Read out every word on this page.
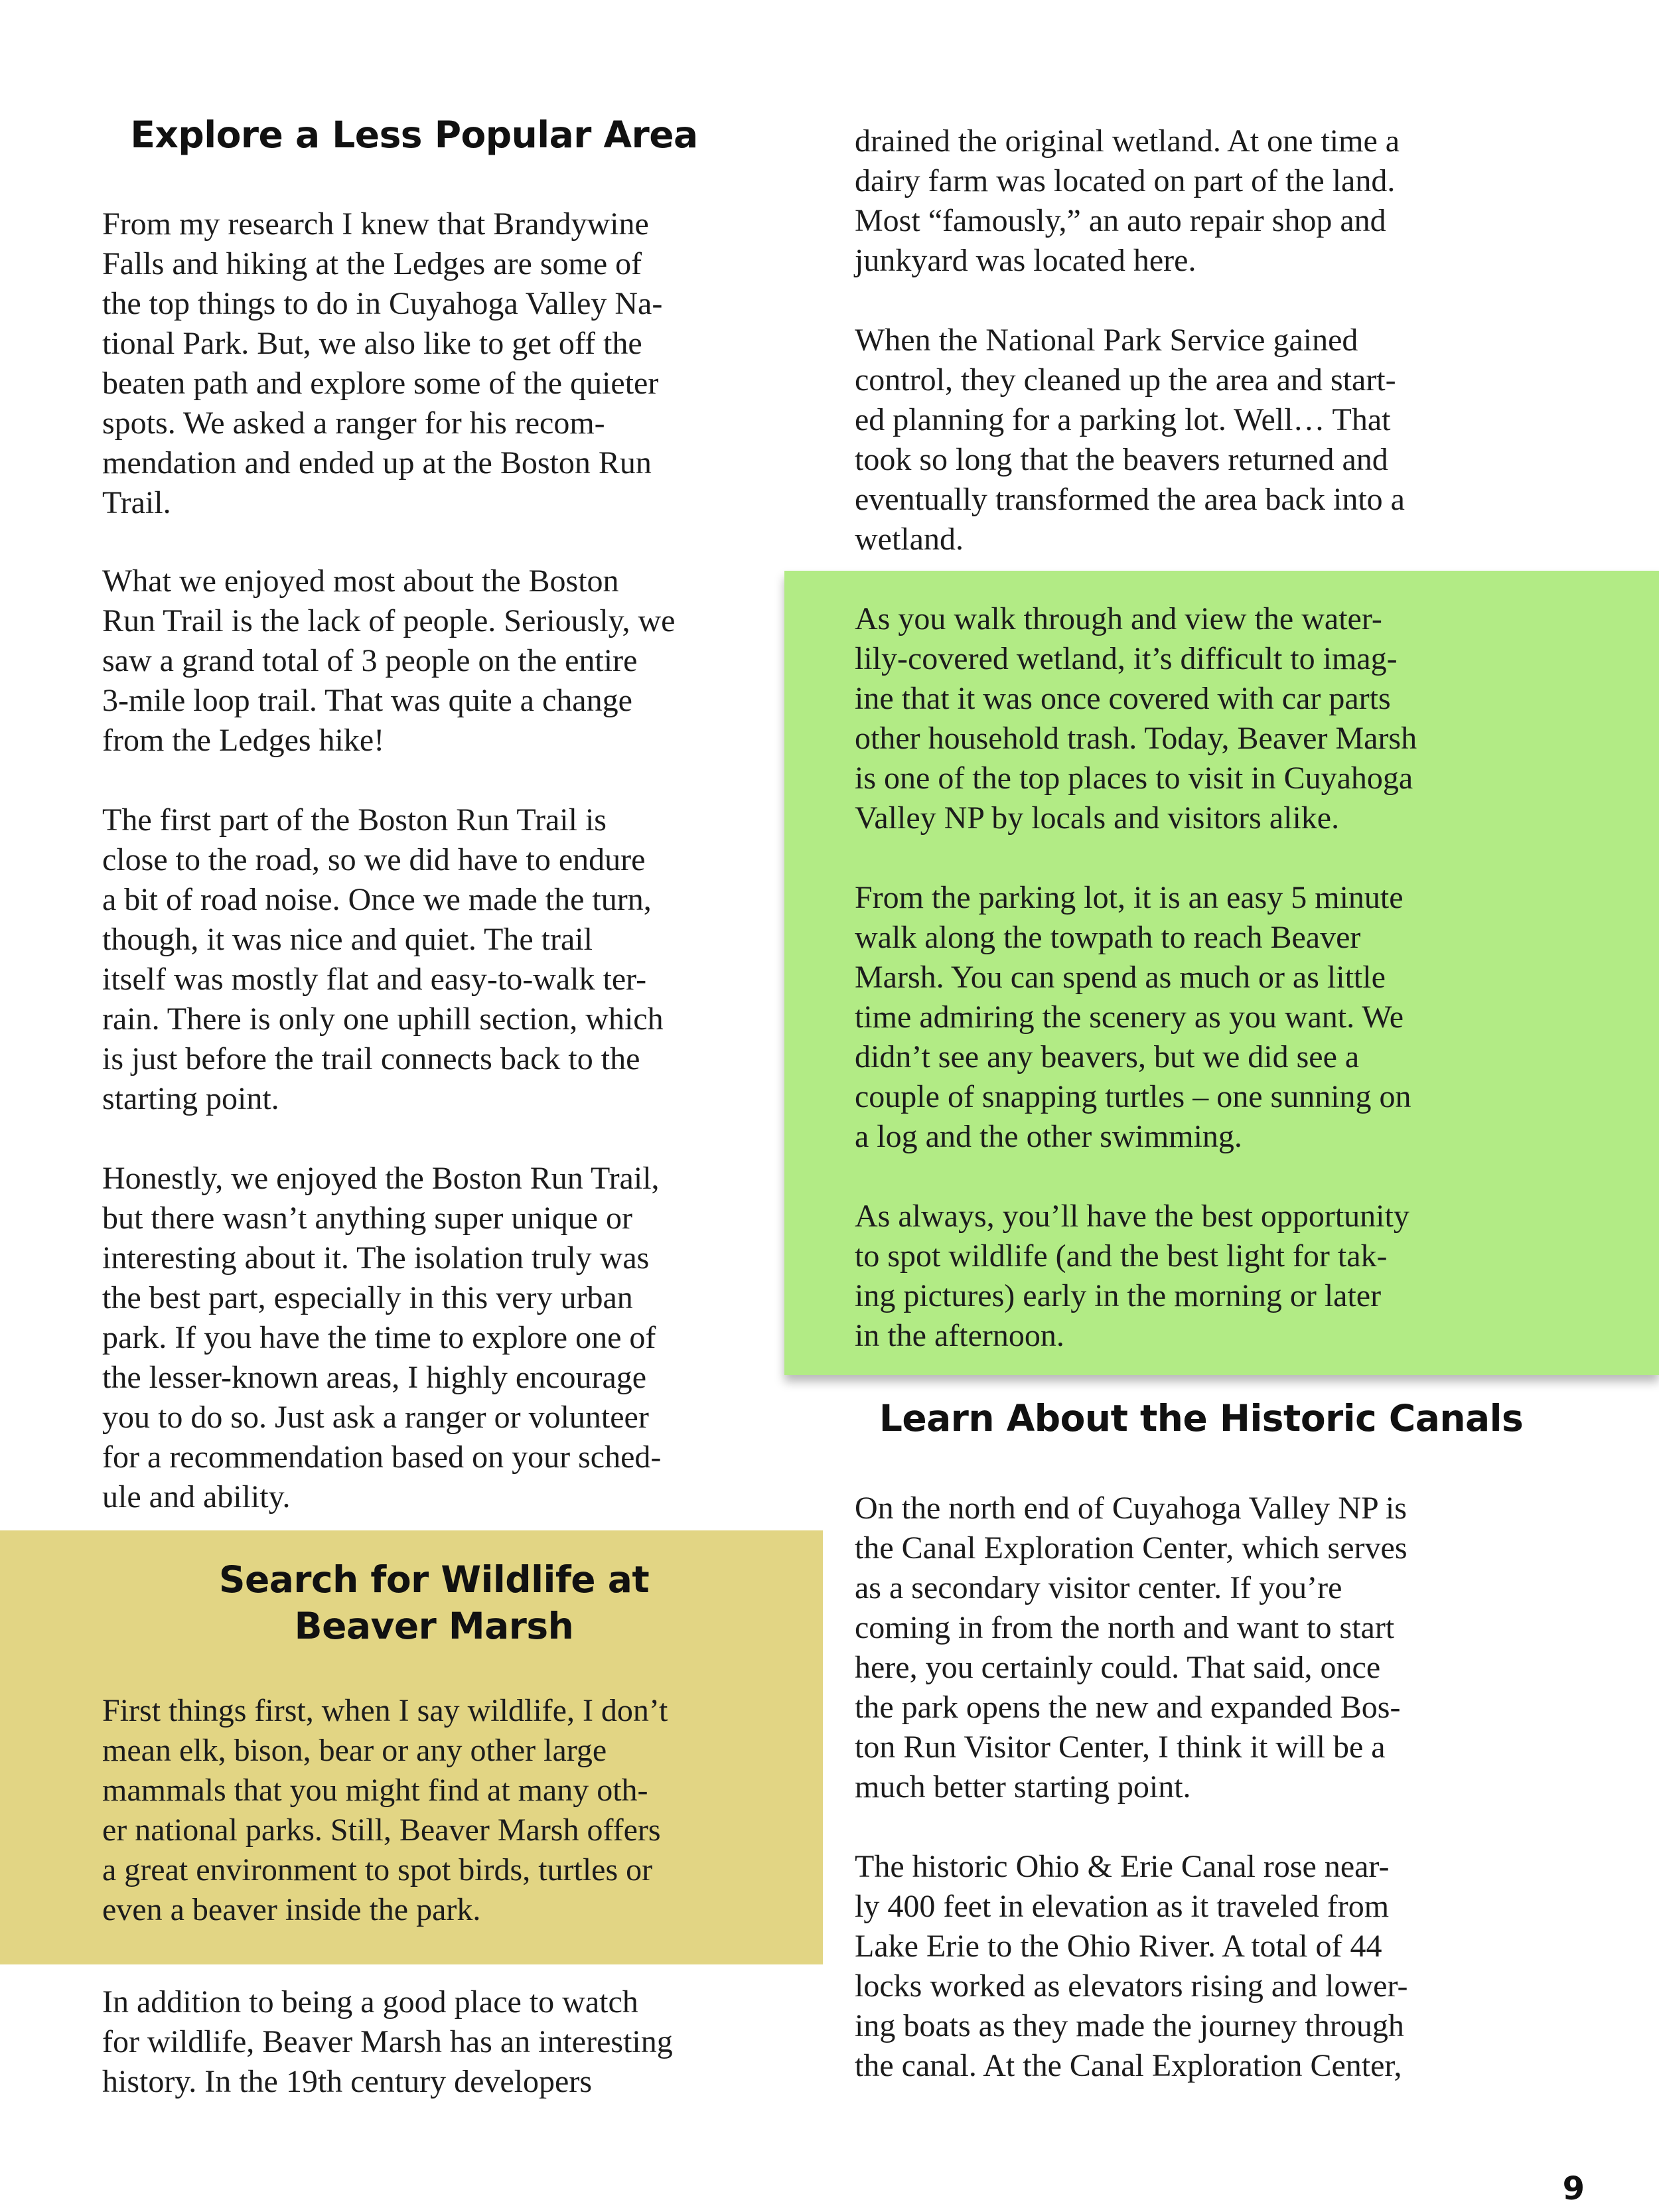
Explore a Less Popular Area

From my research I knew that Brandywine
Falls and hiking at the Ledges are some of
the top things to do in Cuyahoga Valley Na-
tional Park. But, we also like to get off the
beaten path and explore some of the quieter
spots. We asked a ranger for his recom-
mendation and ended up at the Boston Run
Trail.

What we enjoyed most about the Boston
Run Trail is the lack of people. Seriously, we
saw a grand total of 3 people on the entire
3-mile loop trail. That was quite a change
from the Ledges hike!

The first part of the Boston Run Trail is
close to the road, so we did have to endure
a bit of road noise. Once we made the turn,
though, it was nice and quiet. The trail
itself was mostly flat and easy-to-walk ter-
rain. There is only one uphill section, which
is just before the trail connects back to the
starting point.

Honestly, we enjoyed the Boston Run Trail,
but there wasn’t anything super unique or
interesting about it. The isolation truly was
the best part, especially in this very urban
park. If you have the time to explore one of
the lesser-known areas, I highly encourage
you to do so. Just ask a ranger or volunteer
for a recommendation based on your sched-
ule and ability.

Search for Wildlife at
Beaver Marsh

First things first, when I say wildlife, I don’t
mean elk, bison, bear or any other large
mammals that you might find at many oth-
er national parks. Still, Beaver Marsh offers
a great environment to spot birds, turtles or
even a beaver inside the park.

In addition to being a good place to watch
for wildlife, Beaver Marsh has an interesting
history. In the 19th century developers

drained the original wetland. At one time a
dairy farm was located on part of the land.
Most “famously,” an auto repair shop and
junkyard was located here.

When the National Park Service gained
control, they cleaned up the area and start-
ed planning for a parking lot. Well… That
took so long that the beavers returned and
eventually transformed the area back into a
wetland.

As you walk through and view the water-
lily-covered wetland, it’s difficult to imag-
ine that it was once covered with car parts
other household trash. Today, Beaver Marsh
is one of the top places to visit in Cuyahoga
Valley NP by locals and visitors alike.

From the parking lot, it is an easy 5 minute
walk along the towpath to reach Beaver
Marsh. You can spend as much or as little
time admiring the scenery as you want. We
didn’t see any beavers, but we did see a
couple of snapping turtles – one sunning on
a log and the other swimming.

As always, you’ll have the best opportunity
to spot wildlife (and the best light for tak-
ing pictures) early in the morning or later
in the afternoon.

Learn About the Historic Canals

On the north end of Cuyahoga Valley NP is
the Canal Exploration Center, which serves
as a secondary visitor center. If you’re
coming in from the north and want to start
here, you certainly could. That said, once
the park opens the new and expanded Bos-
ton Run Visitor Center, I think it will be a
much better starting point.

The historic Ohio & Erie Canal rose near-
ly 400 feet in elevation as it traveled from
Lake Erie to the Ohio River. A total of 44
locks worked as elevators rising and lower-
ing boats as they made the journey through
the canal. At the Canal Exploration Center,

9
